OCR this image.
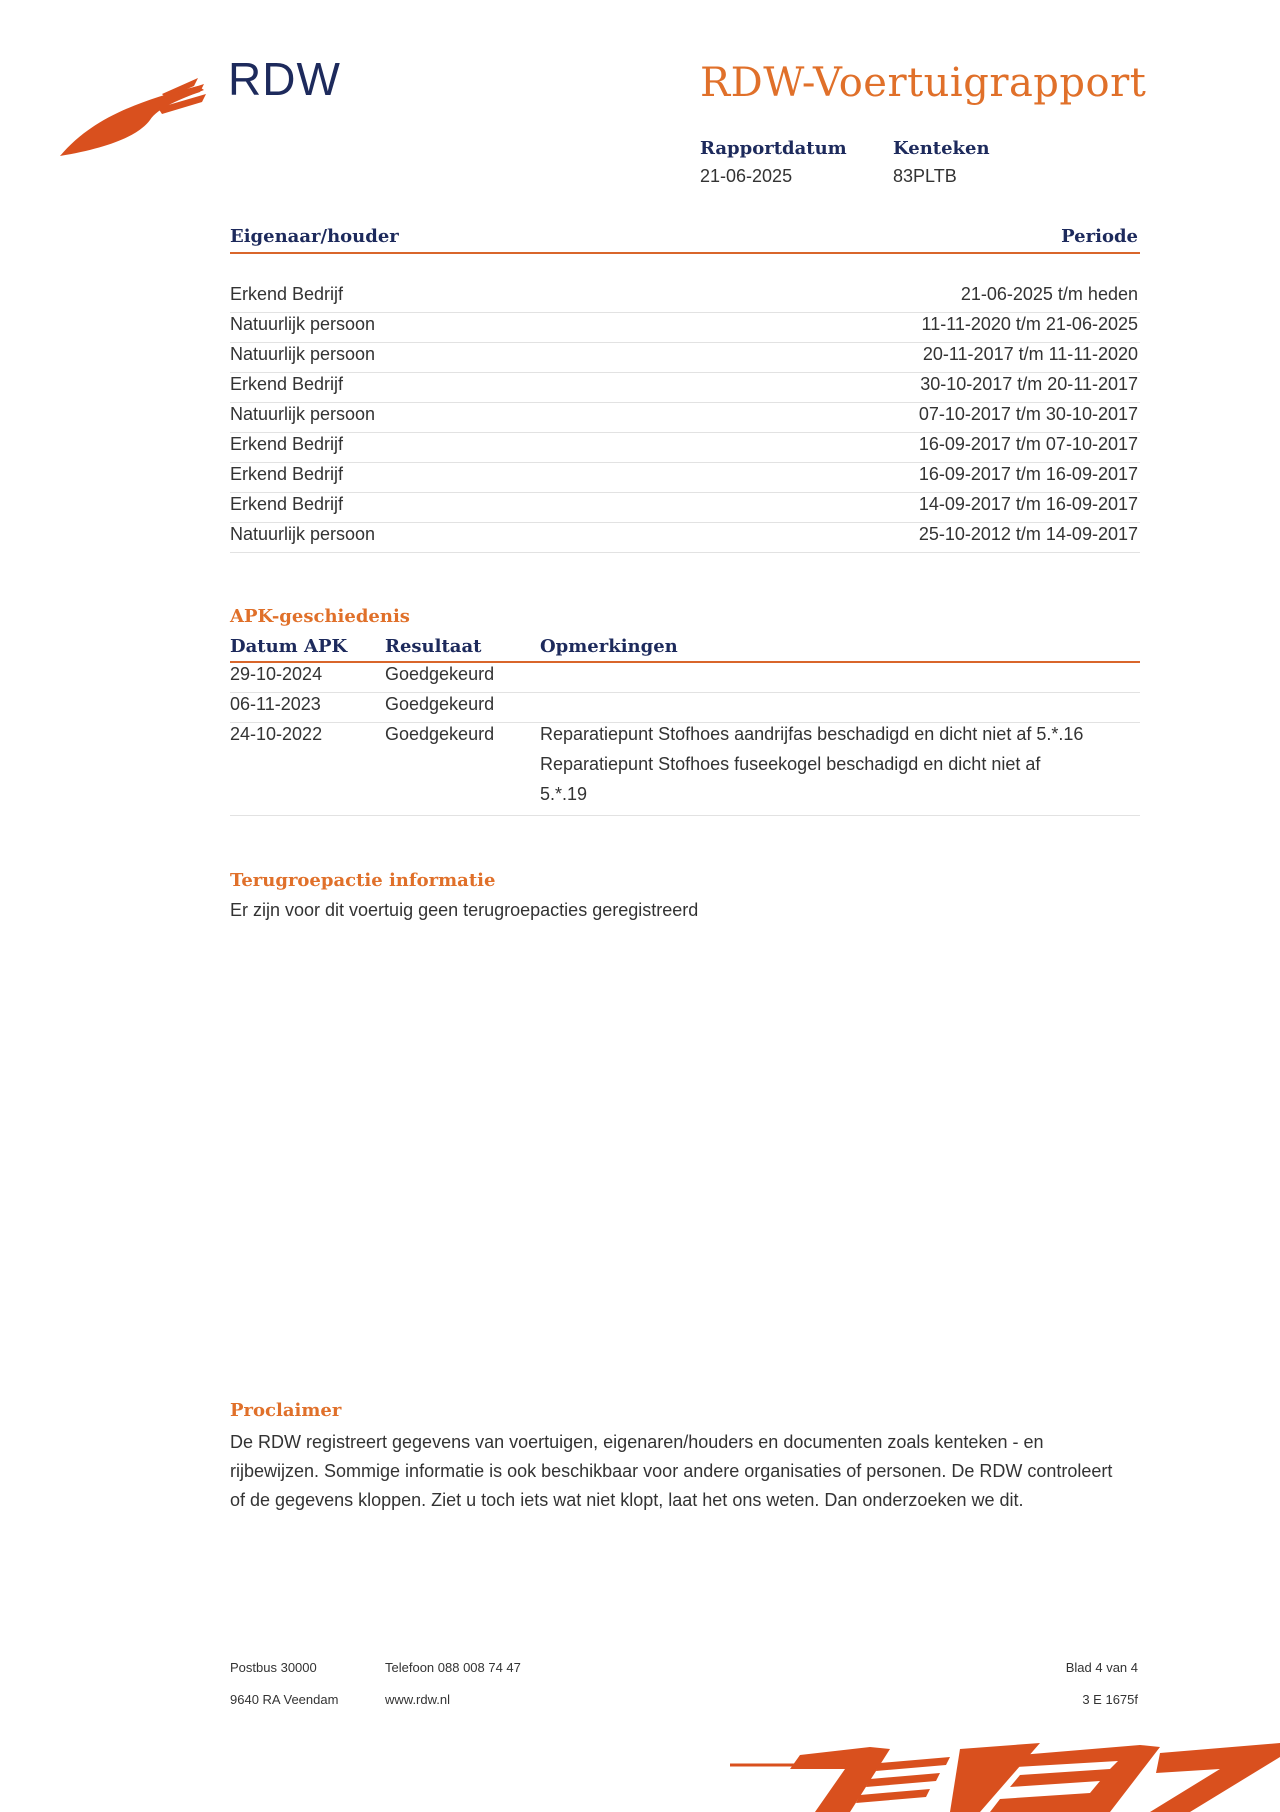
RDW	RDW-Voertuigrapport
Rapportdatum
21-06-2025
Kenteken
83PLTB
Eigenaar/houder	Periode
Erkend Bedrijf	21-06-2025 t/m heden
Natuurlijk persoon	11-11-2020 t/m 21-06-2025
Natuurlijk persoon	20-11-2017 t/m 11-11-2020
Erkend Bedrijf	30-10-2017 t/m 20-11-2017
Natuurlijk persoon	07-10-2017 t/m 30-10-2017
Erkend Bedrijf	16-09-2017 t/m 07-10-2017
Erkend Bedrijf	16-09-2017 t/m 16-09-2017
Erkend Bedrijf	14-09-2017 t/m 16-09-2017
Natuurlijk persoon	25-10-2012 t/m 14-09-2017
APK-geschiedenis
Datum APK Resultaat	Opmerkingen
29-10-2024	Goedgekeurd
06-11-2023	Goedgekeurd
24-10-2022	Goedgekeurd	Reparatiepunt Stofhoes aandrijfas beschadigd en dicht niet af 5.*.16
Reparatiepunt Stofhoes fuseekogel beschadigd en dicht niet af
5.*.19
Terugroepactie informatie
Er zijn voor dit voertuig geen terugroepacties geregistreerd
Proclaimer
De RDW registreert gegevens van voertuigen, eigenaren/houders en documenten zoals kenteken - en rijbewijzen. Sommige informatie is ook beschikbaar voor andere organisaties of personen. De RDW controleert of de gegevens kloppen. Ziet u toch iets wat niet klopt, laat het ons weten. Dan onderzoeken we dit.
Postbus 30000
9640 RA Veendam
Telefoon 088 008 74 47
www.rdw.nl
Blad 4 van 4
3 E 1675f
